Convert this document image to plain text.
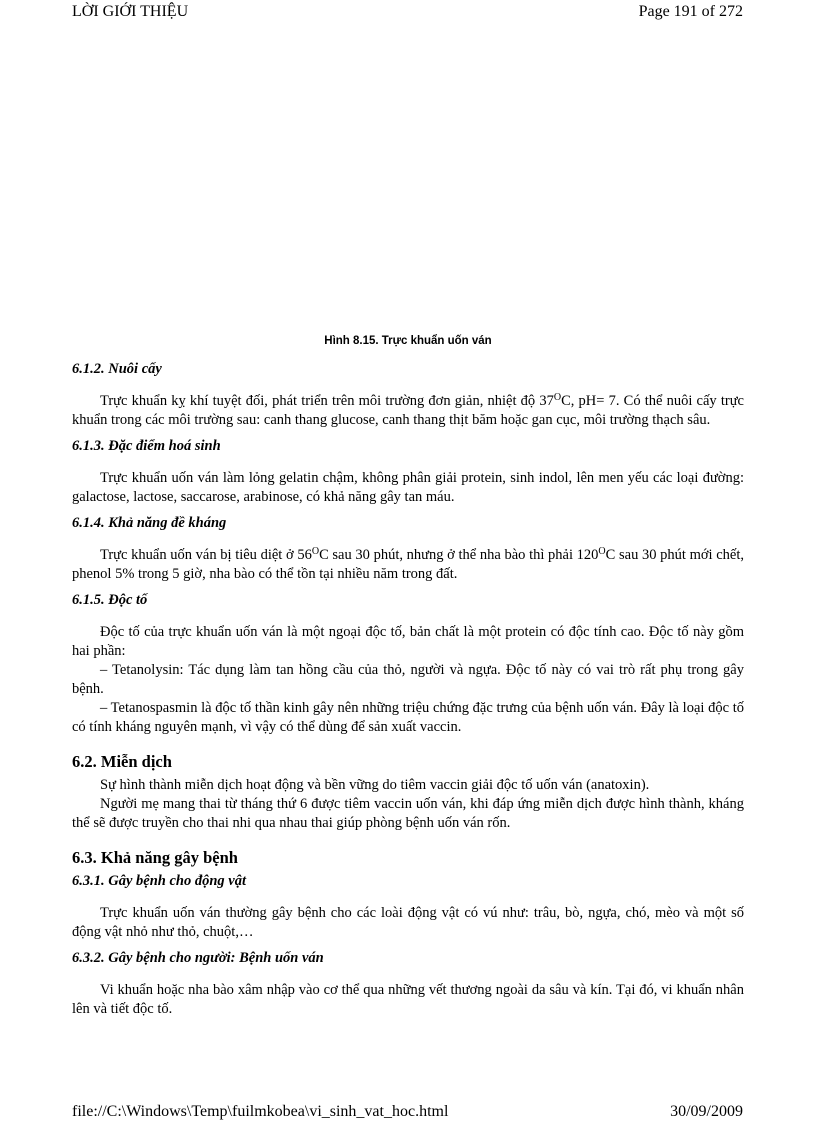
LỜI GIỚI THIỆU	Page 191 of 272
Hình 8.15. Trực khuẩn uốn ván
6.1.2. Nuôi cấy

Trực khuẩn kỵ khí tuyệt đối, phát triển trên môi trường đơn giản, nhiệt độ $37^OC$, pH= 7. Có thể nuôi cấy trực khuẩn trong các môi trường sau: canh thang glucose, canh thang thịt băm hoặc gan cục, môi trường thạch sâu.

6.1.3. Đặc điểm hoá sinh

Trực khuẩn uốn ván làm lỏng gelatin chậm, không phân giải protein, sinh indol, lên men yếu các loại đường: galactose, lactose, saccarose, arabinose, có khả năng gây tan máu.

6.1.4. Khả năng đề kháng

Trực khuẩn uốn ván bị tiêu diệt ở $56^OC$ sau 30 phút, nhưng ở thể nha bào thì phải $120^OC$ sau 30 phút mới chết, phenol 5% trong 5 giờ, nha bào có thể tồn tại nhiều năm trong đất.

6.1.5. Độc tố

Độc tố của trực khuẩn uốn ván là một ngoại độc tố, bản chất là một protein có độc tính cao. Độc tố này gồm hai phần:

– Tetanolysin: Tác dụng làm tan hồng cầu của thỏ, người và ngựa. Độc tố này có vai trò rất phụ trong gây bệnh.

– Tetanospasmin là độc tố thần kinh gây nên những triệu chứng đặc trưng của bệnh uốn ván. Đây là loại độc tố có tính kháng nguyên mạnh, vì vậy có thể dùng để sản xuất vaccin.

6.2. Miễn dịch

Sự hình thành miễn dịch hoạt động và bền vững do tiêm vaccin giải độc tố uốn ván (anatoxin).

Người mẹ mang thai từ tháng thứ 6 được tiêm vaccin uốn ván, khi đáp ứng miễn dịch được hình thành, kháng thể sẽ được truyền cho thai nhi qua nhau thai giúp phòng bệnh uốn ván rốn.

6.3. Khả năng gây bệnh
6.3.1. Gây bệnh cho động vật

Trực khuẩn uốn ván thường gây bệnh cho các loài động vật có vú như: trâu, bò, ngựa, chó, mèo và một số động vật nhỏ như thỏ, chuột,…

6.3.2. Gây bệnh cho người: Bệnh uốn ván

Vi khuẩn hoặc nha bào xâm nhập vào cơ thể qua những vết thương ngoài da sâu và kín. Tại đó, vi khuẩn nhân lên và tiết độc tố.

file://C:\Windows\Temp\fuilmkobea\vi_sinh_vat_hoc.html	30/09/2009
